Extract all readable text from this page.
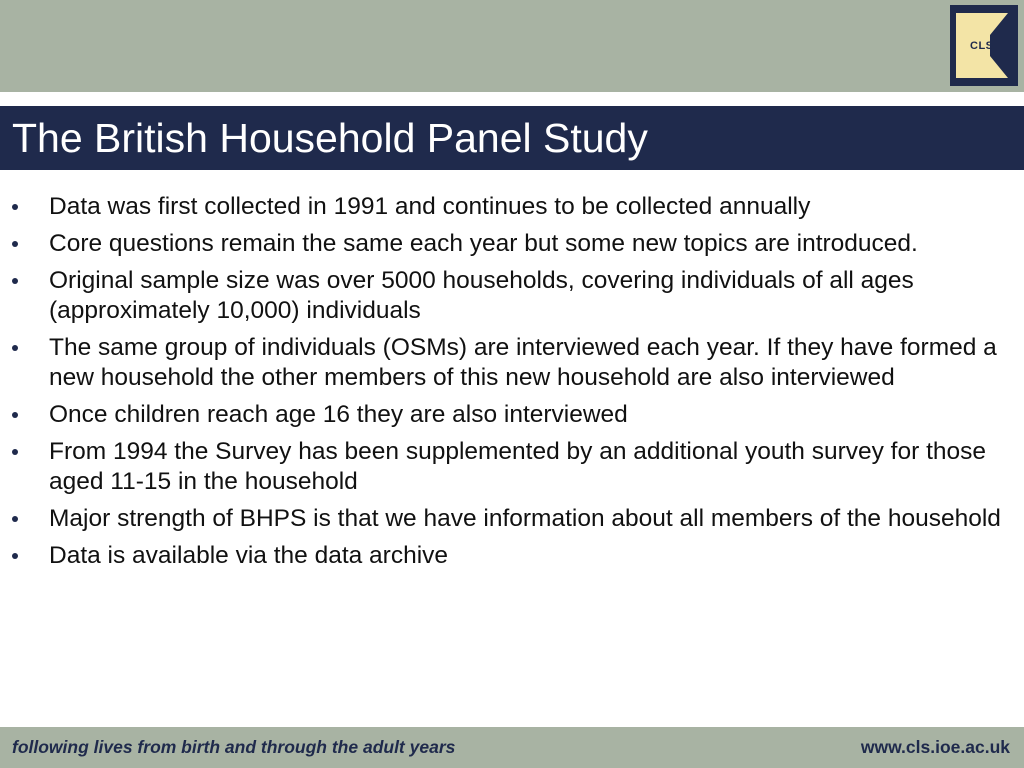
CLS
The British Household Panel Study
Data was first collected in 1991 and continues to be collected annually
Core questions remain the same each year but some new topics are introduced.
Original sample size was over 5000 households, covering individuals of all ages (approximately 10,000) individuals
The same group of individuals (OSMs) are interviewed each year. If they have formed a new household the other members of this new household are also interviewed
Once children reach age 16 they are also interviewed
From 1994 the Survey has been supplemented by an additional youth survey for those aged 11-15 in the household
Major strength of BHPS is that we have information about all members of the household
Data is available via the data archive
following lives from birth and through the adult years	www.cls.ioe.ac.uk
